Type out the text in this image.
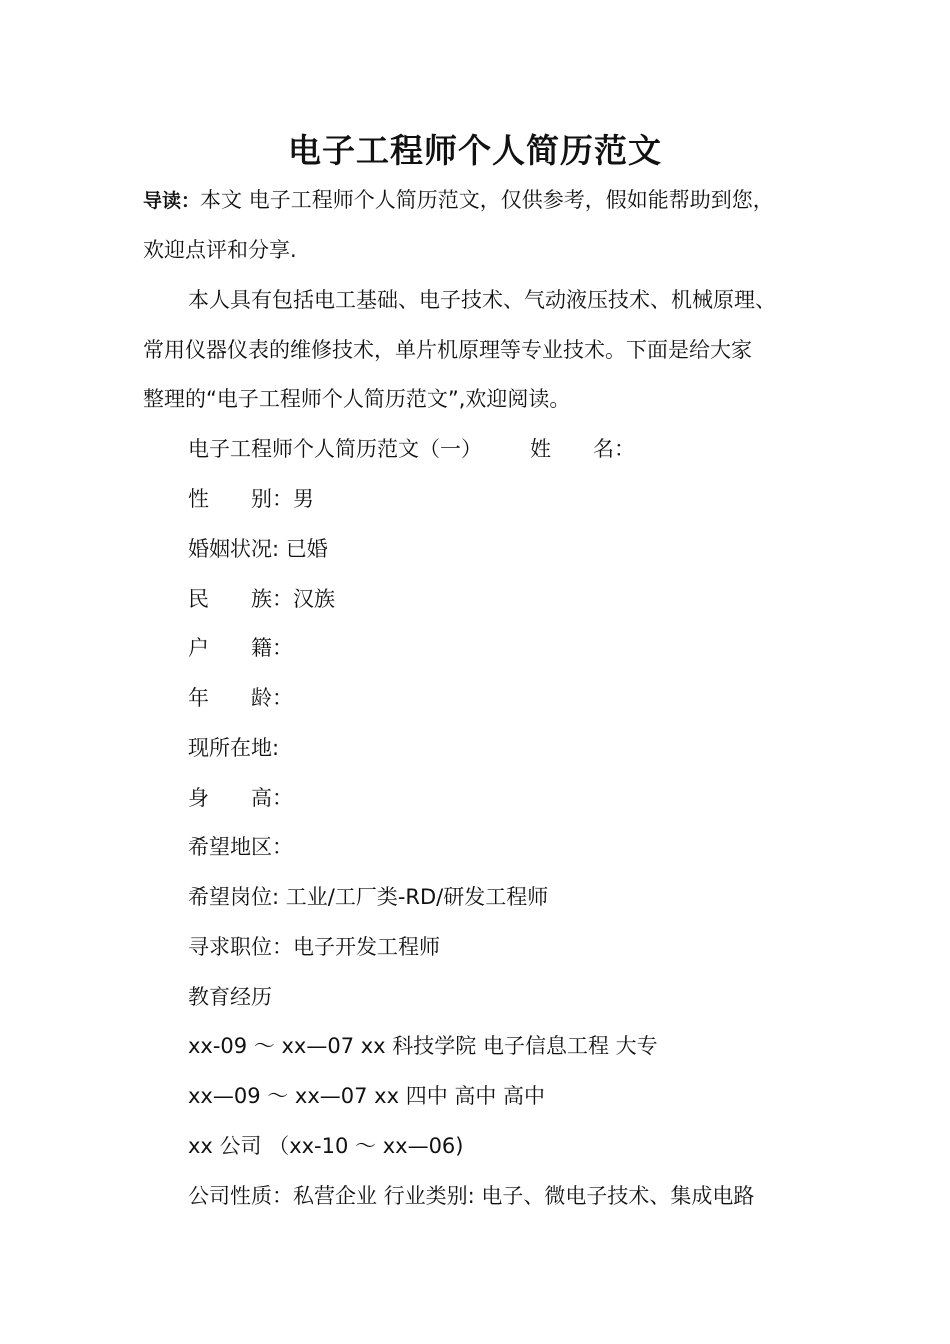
电子工程师个人简历范文
导读：本文 电子工程师个人简历范文，仅供参考，假如能帮助到您，
欢迎点评和分享.
本人具有包括电工基础、电子技术、气动液压技术、机械原理、
常用仪器仪表的维修技术，单片机原理等专业技术。下面是给大家
整理的“电子工程师个人简历范文”,欢迎阅读。
电子工程师个人简历范文（一） 姓　　名：
性　　别：男
婚姻状况: 已婚
民　　族：汉族
户　　籍：
年　　龄：
现所在地:
身　　高：
希望地区：
希望岗位: 工业/工厂类-RD/研发工程师
寻求职位：电子开发工程师
教育经历
xx-09 ～ xx—07 xx 科技学院 电子信息工程 大专
xx—09 ～ xx—07 xx 四中 高中 高中
xx 公司 （xx-10 ～ xx—06)
公司性质：私营企业 行业类别: 电子、微电子技术、集成电路
